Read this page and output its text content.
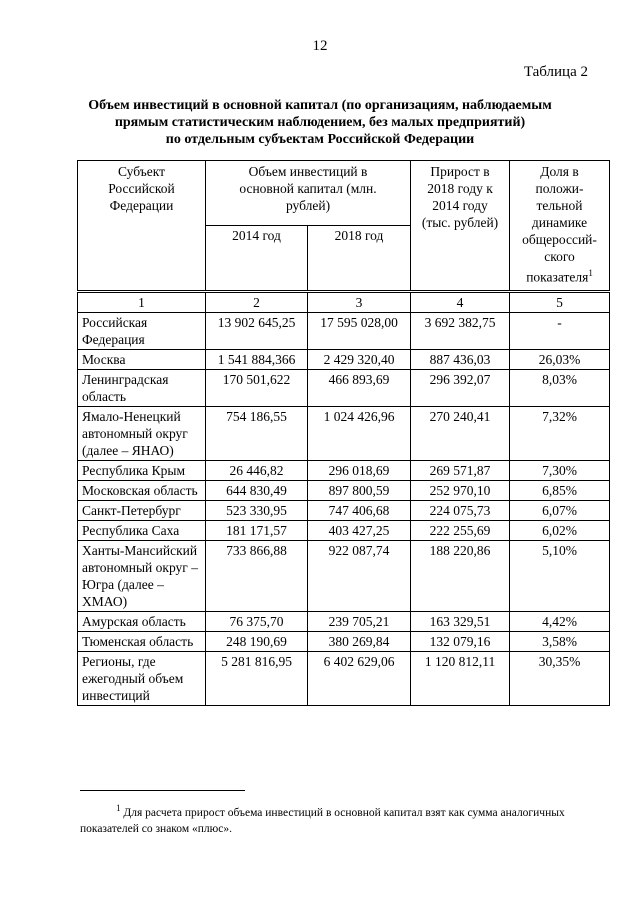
12
Таблица 2
Объем инвестиций в основной капитал (по организациям, наблюдаемым
прямым статистическим наблюдением, без малых предприятий)
по отдельным субъектам Российской Федерации
Субъект Российской Федерации	Объем инвестиций в основной капитал (млн. рублей)		Прирост в 2018 году к 2014 году (тыс. рублей)	Доля в положи-тельной динамике общероссий-ского показателя$^1$
	2014 год	2018 год		
1	2	3	4	5
Российская Федерация	13 902 645,25	17 595 028,00	3 692 382,75	-
Москва	1 541 884,366	2 429 320,40	887 436,03	26,03%
Ленинградская область	170 501,622	466 893,69	296 392,07	8,03%
Ямало-Ненецкий автономный округ (далее – ЯНАО)	754 186,55	1 024 426,96	270 240,41	7,32%
Республика Крым	26 446,82	296 018,69	269 571,87	7,30%
Московская область	644 830,49	897 800,59	252 970,10	6,85%
Санкт-Петербург	523 330,95	747 406,68	224 075,73	6,07%
Республика Саха	181 171,57	403 427,25	222 255,69	6,02%
Ханты-Мансийский автономный округ – Югра (далее – ХМАО)	733 866,88	922 087,74	188 220,86	5,10%
Амурская область	76 375,70	239 705,21	163 329,51	4,42%
Тюменская область	248 190,69	380 269,84	132 079,16	3,58%
Регионы, где ежегодный объем инвестиций	5 281 816,95	6 402 629,06	1 120 812,11	30,35%
$^1$ Для расчета прирост объема инвестиций в основной капитал взят как сумма аналогичных показателей со знаком «плюс».
